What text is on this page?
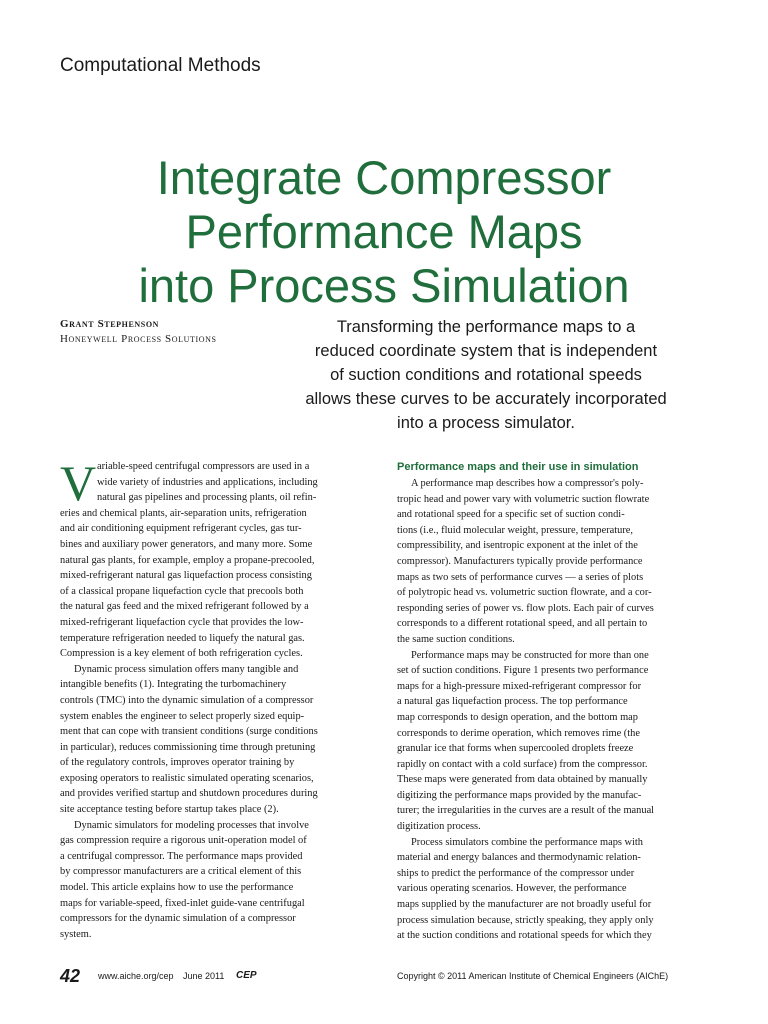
Computational Methods
Integrate Compressor
Performance Maps
into Process Simulation
Grant Stephenson
Honeywell Process Solutions
Transforming the performance maps to a
reduced coordinate system that is independent
of suction conditions and rotational speeds
allows these curves to be accurately incorporated
into a process simulator.
V ariable-speed centrifugal compressors are used in a
wide variety of industries and applications, including
natural gas pipelines and processing plants, oil refin-
eries and chemical plants, air-separation units, refrigeration
and air conditioning equipment refrigerant cycles, gas tur-
bines and auxiliary power generators, and many more. Some
natural gas plants, for example, employ a propane-precooled,
mixed-refrigerant natural gas liquefaction process consisting
of a classical propane liquefaction cycle that precools both
the natural gas feed and the mixed refrigerant followed by a
mixed-refrigerant liquefaction cycle that provides the low-
temperature refrigeration needed to liquefy the natural gas.
Compression is a key element of both refrigeration cycles.
Dynamic process simulation offers many tangible and
intangible benefits (1). Integrating the turbomachinery
controls (TMC) into the dynamic simulation of a compressor
system enables the engineer to select properly sized equip-
ment that can cope with transient conditions (surge conditions
in particular), reduces commissioning time through pretuning
of the regulatory controls, improves operator training by
exposing operators to realistic simulated operating scenarios,
and provides verified startup and shutdown procedures during
site acceptance testing before startup takes place (2).
Dynamic simulators for modeling processes that involve
gas compression require a rigorous unit-operation model of
a centrifugal compressor. The performance maps provided
by compressor manufacturers are a critical element of this
model. This article explains how to use the performance
maps for variable-speed, fixed-inlet guide-vane centrifugal
compressors for the dynamic simulation of a compressor
system.
Performance maps and their use in simulation
A performance map describes how a compressor's poly-
tropic head and power vary with volumetric suction flowrate
and rotational speed for a specific set of suction condi-
tions (i.e., fluid molecular weight, pressure, temperature,
compressibility, and isentropic exponent at the inlet of the
compressor). Manufacturers typically provide performance
maps as two sets of performance curves — a series of plots
of polytropic head vs. volumetric suction flowrate, and a cor-
responding series of power vs. flow plots. Each pair of curves
corresponds to a different rotational speed, and all pertain to
the same suction conditions.
Performance maps may be constructed for more than one
set of suction conditions. Figure 1 presents two performance
maps for a high-pressure mixed-refrigerant compressor for
a natural gas liquefaction process. The top performance
map corresponds to design operation, and the bottom map
corresponds to derime operation, which removes rime (the
granular ice that forms when supercooled droplets freeze
rapidly on contact with a cold surface) from the compressor.
These maps were generated from data obtained by manually
digitizing the performance maps provided by the manufac-
turer; the irregularities in the curves are a result of the manual
digitization process.
Process simulators combine the performance maps with
material and energy balances and thermodynamic relation-
ships to predict the performance of the compressor under
various operating scenarios. However, the performance
maps supplied by the manufacturer are not broadly useful for
process simulation because, strictly speaking, they apply only
at the suction conditions and rotational speeds for which they
42 www.aiche.org/cep June 2011 CEP	Copyright © 2011 American Institute of Chemical Engineers (AIChE)
